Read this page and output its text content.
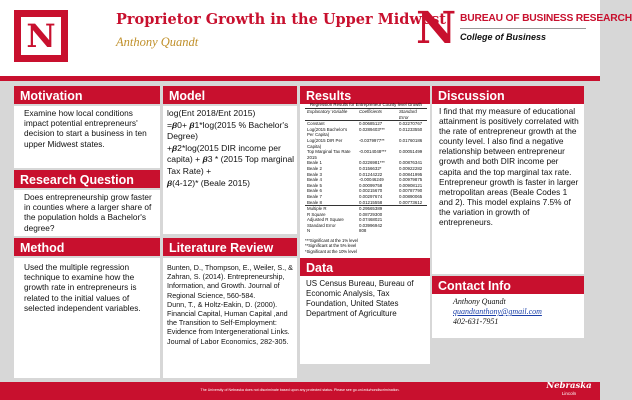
N	Proprietor Growth in the Upper Midwest
Anthony Quandt	N BUREAU OF BUSINESS RESEARCH
College of Business
Motivation
Examine how local conditions impact potential entrepreneurs' decision to start a business in ten upper Midwest states.
Research Question
Does entrepreneurship grow faster in counties where a larger share of the population holds a Bachelor's degree?
Method
Used the multiple regression technique to examine how the growth rate in entrepreneurs is related to the initial values of selected independent variables.
Model
log(Ent 2018/Ent 2015)
=𝜷0+ 𝜷1*log(2015 % Bachelor's Degree)
+𝜷2*log(2015 DIR income per capita) + 𝜷3 * (2015 Top marginal Tax Rate) +
𝜷(4-12)* (Beale 2015)
Literature Review
Bunten, D., Thompson, E., Weiler, S., & Zahran, S. (2014). Entrepreneurship, Information, and Growth. Journal of Regional Science, 560-584.
Dunn, T., & Holtz-Eakin, D. (2000). Financial Capital, Human Capital ,and the Transition to Self-Employment: Evidence from Intergenerational Links. Journal of Labor Economics, 282-305.
Results
Regression Results for Entrepreneur County level Growth
Explanatory Variable	Coefficients	Standard Error
Constant	0.00685127	0.02270767
Log(2015 Bachelor's Per Capita)	0.0289403***	0.01233550
Log(2015 DIR Per Capita)	-0.0379977**	0.01760186
Top Marginal Tax Rate 2015	-0.0014048***	0.00051499
Beale 1	0.0226981***	0.00876341
Beale 2	0.0156632*	0.00922282
Beale 3	0.01244222	0.00841995
Beale 4	-0.00046249	0.00979875
Beale 5	0.00099758	0.00908121
Beale 6	0.00215670	0.00787790
Beale 7	0.00297674	0.00890065
Beale 8	0.01215558	0.00773612
Multiple R	0.29565389	
R Square	0.08729300	
Adjusted R Square	0.07468021	
Standard Error	0.03996942	
N	808	
***Significant at the 1% level
**Significant at the 5% level
*Significant at the 10% level
Data
US Census Bureau, Bureau of Economic Analysis, Tax Foundation, United States Department of Agriculture
Discussion
I find that my measure of educational attainment is positively correlated with the rate of entrepreneur growth at the county level. I also find a negative relationship between entrepreneur growth and both DIR income per capita and the top marginal tax rate. Entrepreneur growth is faster in larger metropolitan areas (Beale Codes 1 and 2). This model explains 7.5% of the variation in growth of entrepreneurs.
Contact Info
Anthony Quandt
quandtanthony@gmail.com
402-631-7951
The University of Nebraska does not discriminate based upon any protected status. Please see go.unl.edu/nondiscrimination.	Nebraska
Lincoln
